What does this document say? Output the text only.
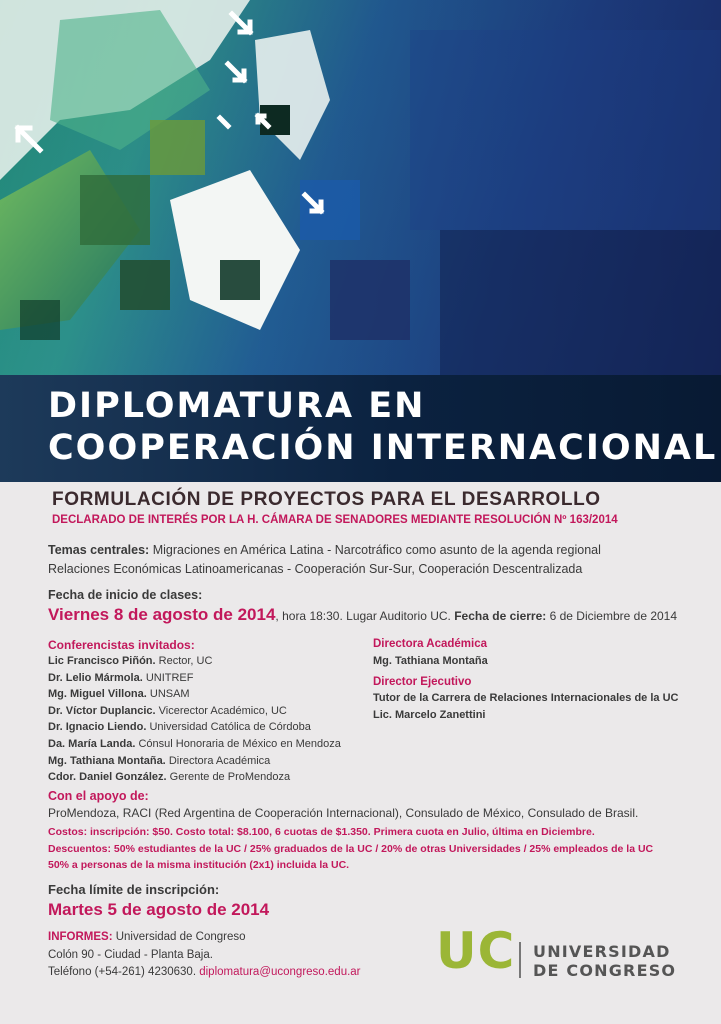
DIPLOMATURA EN
COOPERACIÓN INTERNACIONAL
FORMULACIÓN DE PROYECTOS PARA EL DESARROLLO
DECLARADO DE INTERÉS POR LA H. CÁMARA DE SENADORES MEDIANTE RESOLUCIÓN Nº 163/2014
Temas centrales: Migraciones en América Latina - Narcotráfico como asunto de la agenda regional
Relaciones Económicas Latinoamericanas - Cooperación Sur-Sur, Cooperación Descentralizada
Fecha de inicio de clases:
Viernes 8 de agosto de 2014, hora 18:30. Lugar Auditorio UC. Fecha de cierre: 6 de Diciembre de 2014
Conferencistas invitados:
Lic Francisco Piñón. Rector, UC
Dr. Lelio Mármola. UNITREF
Mg. Miguel Villona. UNSAM
Dr. Víctor Duplancic. Vicerector Académico, UC
Dr. Ignacio Liendo. Universidad Católica de Córdoba
Da. María Landa. Cónsul Honoraria de México en Mendoza
Mg. Tathiana Montaña. Directora Académica
Cdor. Daniel González. Gerente de ProMendoza
Directora Académica
Mg. Tathiana Montaña
Director Ejecutivo
Tutor de la Carrera de Relaciones Internacionales de la UC
Lic. Marcelo Zanettini
Con el apoyo de:
ProMendoza, RACI (Red Argentina de Cooperación Internacional), Consulado de México, Consulado de Brasil.
Costos: inscripción: $50. Costo total: $8.100, 6 cuotas de $1.350. Primera cuota en Julio, última en Diciembre.
Descuentos: 50% estudiantes de la UC / 25% graduados de la UC / 20% de otras Universidades / 25% empleados de la UC
50% a personas de la misma institución (2x1) incluida la UC.
Fecha límite de inscripción:
Martes 5 de agosto de 2014
INFORMES: Universidad de Congreso
Colón 90 - Ciudad - Planta Baja.
Teléfono (+54-261) 4230630. diplomatura@ucongreso.edu.ar UC UNIVERSIDAD
DE CONGRESO
